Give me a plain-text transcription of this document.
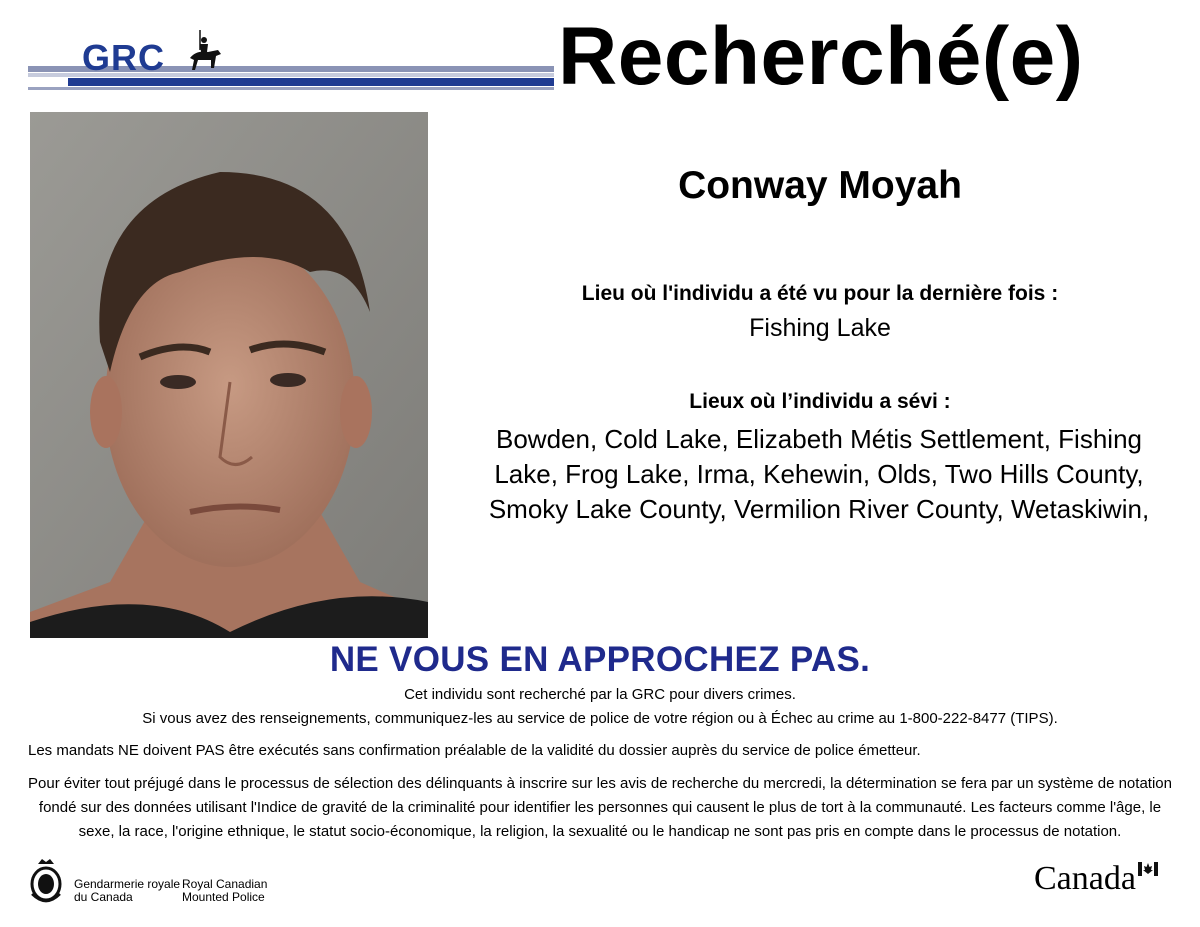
GRC
GENDARMERIE ROYALE DU CANADA	Recherché(e)
Conway Moyah
Lieu où l'individu a été vu pour la dernière fois :
Fishing Lake
Lieux où l’individu a sévi :
Bowden, Cold Lake, Elizabeth Métis Settlement, Fishing Lake, Frog Lake, Irma, Kehewin, Olds, Two Hills County, Smoky Lake County, Vermilion River County, Wetaskiwin,
NE VOUS EN APPROCHEZ PAS.
Cet individu sont recherché par la GRC pour divers crimes.
Si vous avez des renseignements, communiquez-les au service de police de votre région ou à Échec au crime au 1-800-222-8477 (TIPS).
Les mandats NE doivent PAS être exécutés sans confirmation préalable de la validité du dossier auprès du service de police émetteur.
Pour éviter tout préjugé dans le processus de sélection des délinquants à inscrire sur les avis de recherche du mercredi, la détermination se fera par un système de notation fondé sur des données utilisant l'Indice de gravité de la criminalité pour identifier les personnes qui causent le plus de tort à la communauté. Les facteurs comme l'âge, le sexe, la race, l'origine ethnique, le statut socio-économique, la religion, la sexualité ou le handicap ne sont pas pris en compte dans le processus de notation.
Gendarmerie royale
du Canada
Royal Canadian
Mounted Police	Canada
